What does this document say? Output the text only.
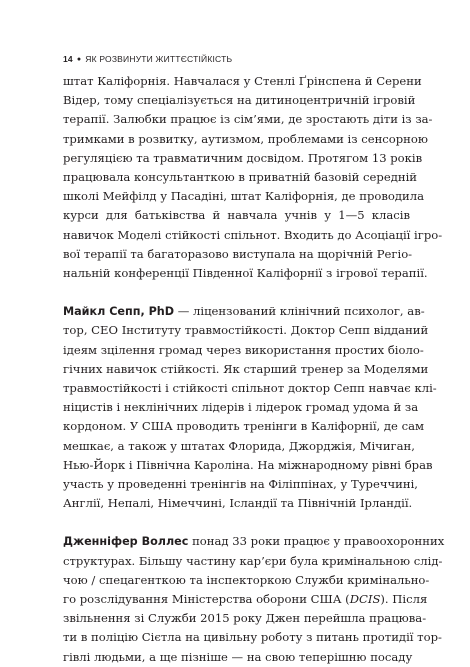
14 ● ЯК РОЗВИНУТИ ЖИТТЄСТІЙКІСТЬ
штат Каліфорнія. Навчалася у Стенлі Ґрінспена й Серени
Відер, тому спеціалізується на дитиноцентричній ігровій
терапії. Залюбки працює із сім’ями, де зростають діти із за-
тримками в розвитку, аутизмом, проблемами із сенсорною
регуляцією та травматичним досвідом. Протягом 13 років
працювала консультанткою в приватній базовій середній
школі Мейфілд у Пасадіні, штат Каліфорнія, де проводила
курси для батьківства й навчала учнів у 1—5 класів
навичок Моделі стійкості спільнот. Входить до Асоціації ігро-
вої терапії та багаторазово виступала на щорічній Регіо-
нальній конференції Південної Каліфорнії з ігрової терапії.
Майкл Сепп, PhD — ліцензований клінічний психолог, ав-
тор, CEO Інституту травмостійкості. Доктор Сепп відданий
ідеям зцілення громад через використання простих біоло-
гічних навичок стійкості. Як старший тренер за Моделями
травмостійкості і стійкості спільнот доктор Сепп навчає клі-
ніцистів і неклінічних лідерів і лідерок громад удома й за
кордоном. У США проводить тренінги в Каліфорнії, де сам
мешкає, а також у штатах Флорида, Джорджія, Мічиган,
Нью-Йорк і Північна Кароліна. На міжнародному рівні брав
участь у проведенні тренінгів на Філіппінах, у Туреччині,
Англії, Непалі, Німеччині, Ісландії та Північній Ірландії.
Дженніфер Воллес понад 33 роки працює у правоохоронних
структурах. Більшу частину кар’єри була кримінальною слід-
чою / спецагенткою та інспекторкою Служби кримінально-
го розслідування Міністерства оборони США (DCIS). Після
звільнення зі Служби 2015 року Джен перейшла працюва-
ти в поліцію Сієтла на цивільну роботу з питань протидії тор-
гівлі людьми, а ще пізніше — на свою теперішню посаду
